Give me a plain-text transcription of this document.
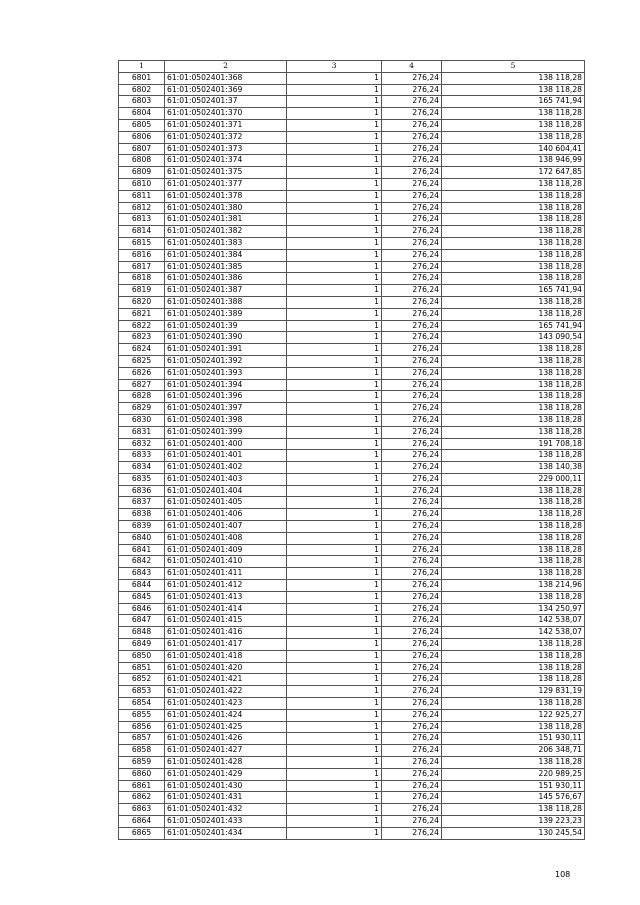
1	2	3	4	5
6801	61:01:0502401:368	1	276,24	138 118,28
6802	61:01:0502401:369	1	276,24	138 118,28
6803	61:01:0502401:37	1	276,24	165 741,94
6804	61:01:0502401:370	1	276,24	138 118,28
6805	61:01:0502401:371	1	276,24	138 118,28
6806	61:01:0502401:372	1	276,24	138 118,28
6807	61:01:0502401:373	1	276,24	140 604,41
6808	61:01:0502401:374	1	276,24	138 946,99
6809	61:01:0502401:375	1	276,24	172 647,85
6810	61:01:0502401:377	1	276,24	138 118,28
6811	61:01:0502401:378	1	276,24	138 118,28
6812	61:01:0502401:380	1	276,24	138 118,28
6813	61:01:0502401:381	1	276,24	138 118,28
6814	61:01:0502401:382	1	276,24	138 118,28
6815	61:01:0502401:383	1	276,24	138 118,28
6816	61:01:0502401:384	1	276,24	138 118,28
6817	61:01:0502401:385	1	276,24	138 118,28
6818	61:01:0502401:386	1	276,24	138 118,28
6819	61:01:0502401:387	1	276,24	165 741,94
6820	61:01:0502401:388	1	276,24	138 118,28
6821	61:01:0502401:389	1	276,24	138 118,28
6822	61:01:0502401:39	1	276,24	165 741,94
6823	61:01:0502401:390	1	276,24	143 090,54
6824	61:01:0502401:391	1	276,24	138 118,28
6825	61:01:0502401:392	1	276,24	138 118,28
6826	61:01:0502401:393	1	276,24	138 118,28
6827	61:01:0502401:394	1	276,24	138 118,28
6828	61:01:0502401:396	1	276,24	138 118,28
6829	61:01:0502401:397	1	276,24	138 118,28
6830	61:01:0502401:398	1	276,24	138 118,28
6831	61:01:0502401:399	1	276,24	138 118,28
6832	61:01:0502401:400	1	276,24	191 708,18
6833	61:01:0502401:401	1	276,24	138 118,28
6834	61:01:0502401:402	1	276,24	138 140,38
6835	61:01:0502401:403	1	276,24	229 000,11
6836	61:01:0502401:404	1	276,24	138 118,28
6837	61:01:0502401:405	1	276,24	138 118,28
6838	61:01:0502401:406	1	276,24	138 118,28
6839	61:01:0502401:407	1	276,24	138 118,28
6840	61:01:0502401:408	1	276,24	138 118,28
6841	61:01:0502401:409	1	276,24	138 118,28
6842	61:01:0502401:410	1	276,24	138 118,28
6843	61:01:0502401:411	1	276,24	138 118,28
6844	61:01:0502401:412	1	276,24	138 214,96
6845	61:01:0502401:413	1	276,24	138 118,28
6846	61:01:0502401:414	1	276,24	134 250,97
6847	61:01:0502401:415	1	276,24	142 538,07
6848	61:01:0502401:416	1	276,24	142 538,07
6849	61:01:0502401:417	1	276,24	138 118,28
6850	61:01:0502401:418	1	276,24	138 118,28
6851	61:01:0502401:420	1	276,24	138 118,28
6852	61:01:0502401:421	1	276,24	138 118,28
6853	61:01:0502401:422	1	276,24	129 831,19
6854	61:01:0502401:423	1	276,24	138 118,28
6855	61:01:0502401:424	1	276,24	122 925,27
6856	61:01:0502401:425	1	276,24	138 118,28
6857	61:01:0502401:426	1	276,24	151 930,11
6858	61:01:0502401:427	1	276,24	206 348,71
6859	61:01:0502401:428	1	276,24	138 118,28
6860	61:01:0502401:429	1	276,24	220 989,25
6861	61:01:0502401:430	1	276,24	151 930,11
6862	61:01:0502401:431	1	276,24	145 576,67
6863	61:01:0502401:432	1	276,24	138 118,28
6864	61:01:0502401:433	1	276,24	139 223,23
6865	61:01:0502401:434	1	276,24	130 245,54
108
